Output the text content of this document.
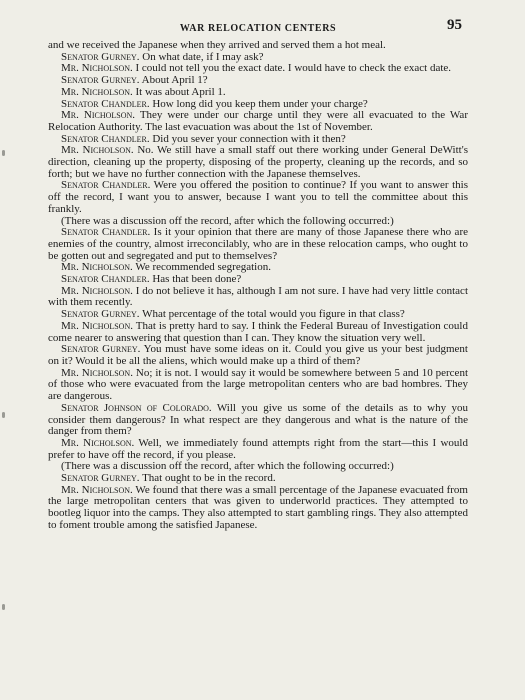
WAR RELOCATION CENTERS	95

and we received the Japanese when they arrived and served them a hot meal.

Senator Gurney. On what date, if I may ask?

Mr. Nicholson. I could not tell you the exact date. I would have to check the exact date.

Senator Gurney. About April 1?

Mr. Nicholson. It was about April 1.

Senator Chandler. How long did you keep them under your charge?

Mr. Nicholson. They were under our charge until they were all evacuated to the War Relocation Authority. The last evacuation was about the 1st of November.

Senator Chandler. Did you sever your connection with it then?

Mr. Nicholson. No. We still have a small staff out there working under General DeWitt's direction, cleaning up the property, disposing of the property, cleaning up the records, and so forth; but we have no further connection with the Japanese themselves.

Senator Chandler. Were you offered the position to continue? If you want to answer this off the record, I want you to answer, because I want you to tell the committee about this frankly.

(There was a discussion off the record, after which the following occurred:)

Senator Chandler. Is it your opinion that there are many of those Japanese there who are enemies of the country, almost irreconcilably, who are in these relocation camps, who ought to be gotten out and segregated and put to themselves?

Mr. Nicholson. We recommended segregation.

Senator Chandler. Has that been done?

Mr. Nicholson. I do not believe it has, although I am not sure. I have had very little contact with them recently.

Senator Gurney. What percentage of the total would you figure in that class?

Mr. Nicholson. That is pretty hard to say. I think the Federal Bureau of Investigation could come nearer to answering that question than I can. They know the situation very well.

Senator Gurney. You must have some ideas on it. Could you give us your best judgment on it? Would it be all the aliens, which would make up a third of them?

Mr. Nicholson. No; it is not. I would say it would be somewhere between 5 and 10 percent of those who were evacuated from the large metropolitan centers who are bad hombres. They are dangerous.

Senator Johnson of Colorado. Will you give us some of the details as to why you consider them dangerous? In what respect are they dangerous and what is the nature of the danger from them?

Mr. Nicholson. Well, we immediately found attempts right from the start—this I would prefer to have off the record, if you please.

(There was a discussion off the record, after which the following occurred:)

Senator Gurney. That ought to be in the record.

Mr. Nicholson. We found that there was a small percentage of the Japanese evacuated from the large metropolitan centers that was given to underworld practices. They attempted to bootleg liquor into the camps. They also attempted to start gambling rings. They also attempted to foment trouble among the satisfied Japanese.
